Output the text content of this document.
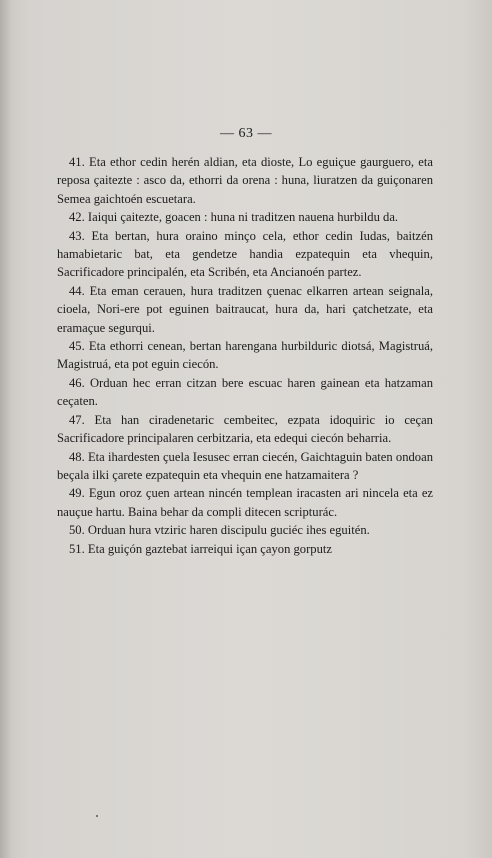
— 63 —

41. Eta ethor cedin herén aldian, eta dioste, Lo eguiçue gaurguero, eta reposa çaitezte : asco da, ethorri da orena : huna, liuratzen da guiçonaren Semea gaichtoén escuetara.

42. Iaiqui çaitezte, goacen : huna ni traditzen nauena hurbildu da.

43. Eta bertan, hura oraino minço cela, ethor cedin Iudas, baitzén hamabietaric bat, eta gendetze handia ezpatequin eta vhequin, Sacrificadore principalén, eta Scribén, eta Ancianoén partez.

44. Eta eman cerauen, hura traditzen çuenac elkarren artean seignala, cioela, Nori-ere pot eguinen baitraucat, hura da, hari çatchetzate, eta eramaçue segurqui.

45. Eta ethorri cenean, bertan harengana hurbilduric diotsá, Magistruá, Magistruá, eta pot eguin ciecón.

46. Orduan hec erran citzan bere escuac haren gainean eta hatzaman ceçaten.

47. Eta han ciradenetaric cembeitec, ezpata idoquiric io ceçan Sacrificadore principalaren cerbitzaria, eta edequi ciecón beharria.

48. Eta ihardesten çuela Iesusec erran ciecén, Gaichtaguin baten ondoan beçala ilki çarete ezpatequin eta vhequin ene hatzamaitera ?

49. Egun oroz çuen artean nincén templean iracasten ari nincela eta ez nauçue hartu. Baina behar da compli ditecen scripturác.

50. Orduan hura vtziric haren discipulu guciéc ihes eguitén.

51. Eta guiçón gaztebat iarreiqui içan çayon gorputz
